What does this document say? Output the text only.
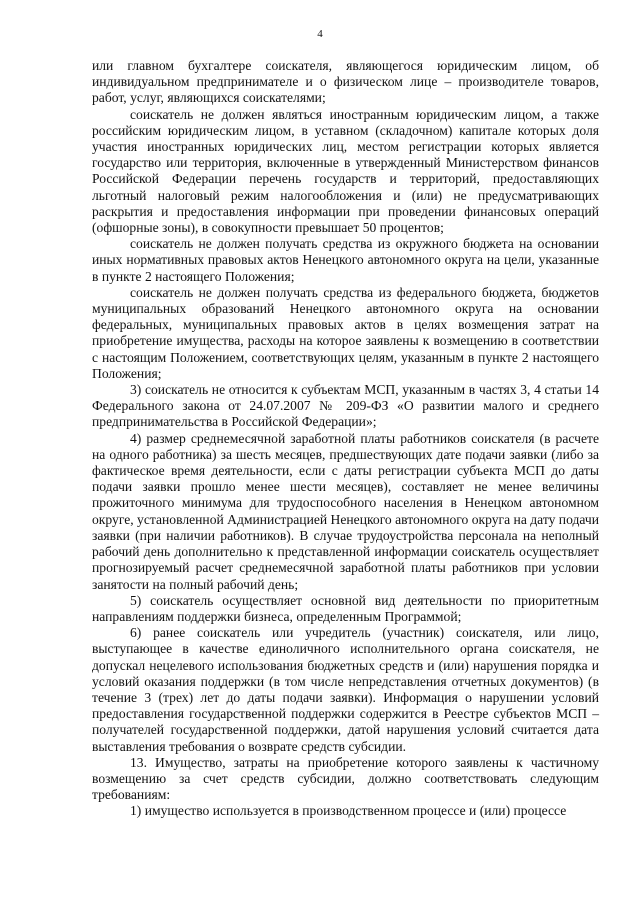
4

или главном бухгалтере соискателя, являющегося юридическим лицом, об индивидуальном предпринимателе и о физическом лице – производителе товаров, работ, услуг, являющихся соискателями;

соискатель не должен являться иностранным юридическим лицом, а также российским юридическим лицом, в уставном (складочном) капитале которых доля участия иностранных юридических лиц, местом регистрации которых является государство или территория, включенные в утвержденный Министерством финансов Российской Федерации перечень государств и территорий, предоставляющих льготный налоговый режим налогообложения и (или) не предусматривающих раскрытия и предоставления информации при проведении финансовых операций (офшорные зоны), в совокупности превышает 50 процентов;

соискатель не должен получать средства из окружного бюджета на основании иных нормативных правовых актов Ненецкого автономного округа на цели, указанные в пункте 2 настоящего Положения;

соискатель не должен получать средства из федерального бюджета, бюджетов муниципальных образований Ненецкого автономного округа на основании федеральных, муниципальных правовых актов в целях возмещения затрат на приобретение имущества, расходы на которое заявлены к возмещению в соответствии с настоящим Положением, соответствующих целям, указанным в пункте 2 настоящего Положения;

3) соискатель не относится к субъектам МСП, указанным в частях 3, 4 статьи 14 Федерального закона от 24.07.2007 № 209-ФЗ «О развитии малого и среднего предпринимательства в Российской Федерации»;

4) размер среднемесячной заработной платы работников соискателя (в расчете на одного работника) за шесть месяцев, предшествующих дате подачи заявки (либо за фактическое время деятельности, если с даты регистрации субъекта МСП до даты подачи заявки прошло менее шести месяцев), составляет не менее величины прожиточного минимума для трудоспособного населения в Ненецком автономном округе, установленной Администрацией Ненецкого автономного округа на дату подачи заявки (при наличии работников). В случае трудоустройства персонала на неполный рабочий день дополнительно к представленной информации соискатель осуществляет прогнозируемый расчет среднемесячной заработной платы работников при условии занятости на полный рабочий день;

5) соискатель осуществляет основной вид деятельности по приоритетным направлениям поддержки бизнеса, определенным Программой;

6) ранее соискатель или учредитель (участник) соискателя, или лицо, выступающее в качестве единоличного исполнительного органа соискателя, не допускал нецелевого использования бюджетных средств и (или) нарушения порядка и условий оказания поддержки (в том числе непредставления отчетных документов) (в течение 3 (трех) лет до даты подачи заявки). Информация о нарушении условий предоставления государственной поддержки содержится в Реестре субъектов МСП – получателей государственной поддержки, датой нарушения условий считается дата выставления требования о возврате средств субсидии.

13. Имущество, затраты на приобретение которого заявлены к частичному возмещению за счет средств субсидии, должно соответствовать следующим требованиям:

1) имущество используется в производственном процессе и (или) процессе
